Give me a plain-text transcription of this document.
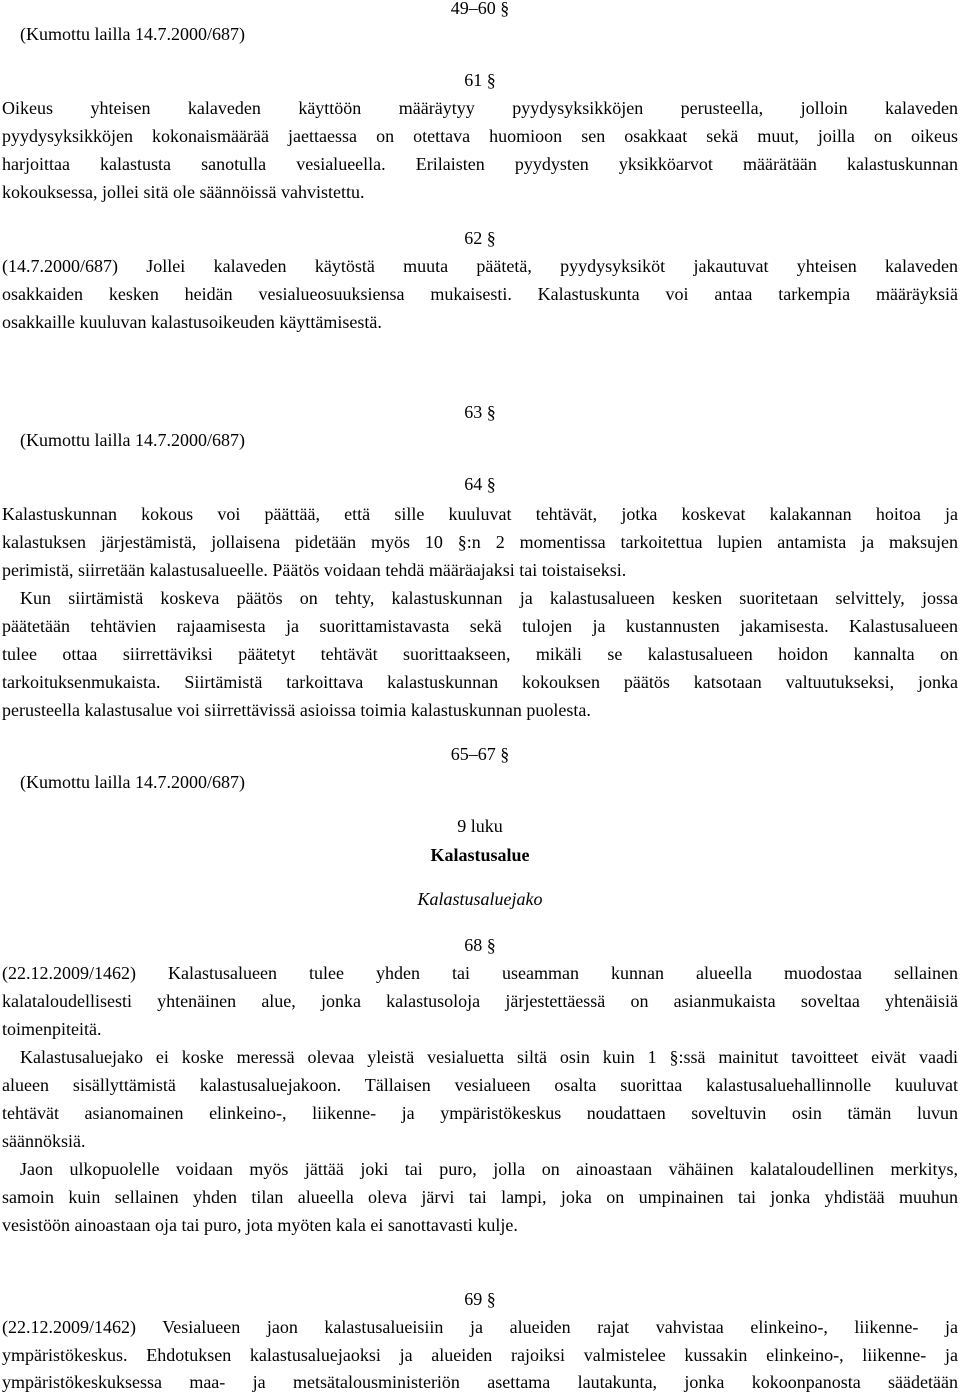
(Kumottu lailla 14.7.2000/687)
49–60 §
61 §
Oikeus yhteisen kalaveden käyttöön määräytyy pyydysyksikköjen perusteella, jolloin kalaveden
pyydysyksikköjen kokonaismäärää jaettaessa on otettava huomioon sen osakkaat sekä muut, joilla on oikeus
harjoittaa kalastusta sanotulla vesialueella. Erilaisten pyydysten yksikköarvot määrätään kalastuskunnan
kokouksessa, jollei sitä ole säännöissä vahvistettu.
62 §
(14.7.2000/687) Jollei kalaveden käytöstä muuta päätetä, pyydysyksiköt jakautuvat yhteisen kalaveden
osakkaiden kesken heidän vesialueosuuksiensa mukaisesti. Kalastuskunta voi antaa tarkempia määräyksiä
osakkaille kuuluvan kalastusoikeuden käyttämisestä.
63 §
(Kumottu lailla 14.7.2000/687)
64 §
Kalastuskunnan kokous voi päättää, että sille kuuluvat tehtävät, jotka koskevat kalakannan hoitoa ja
kalastuksen järjestämistä, jollaisena pidetään myös 10 §:n 2 momentissa tarkoitettua lupien antamista ja maksujen
perimistä, siirretään kalastusalueelle. Päätös voidaan tehdä määräajaksi tai toistaiseksi.
Kun siirtämistä koskeva päätös on tehty, kalastuskunnan ja kalastusalueen kesken suoritetaan selvittely, jossa
päätetään tehtävien rajaamisesta ja suorittamistavasta sekä tulojen ja kustannusten jakamisesta. Kalastusalueen
tulee ottaa siirrettäviksi päätetyt tehtävät suorittaakseen, mikäli se kalastusalueen hoidon kannalta on
tarkoituksenmukaista. Siirtämistä tarkoittava kalastuskunnan kokouksen päätös katsotaan valtuutukseksi, jonka
perusteella kalastusalue voi siirrettävissä asioissa toimia kalastuskunnan puolesta.
65–67 §
(Kumottu lailla 14.7.2000/687)
9 luku
Kalastusalue
Kalastusaluejako
68 §
(22.12.2009/1462) Kalastusalueen tulee yhden tai useamman kunnan alueella muodostaa sellainen
kalataloudellisesti yhtenäinen alue, jonka kalastusoloja järjestettäessä on asianmukaista soveltaa yhtenäisiä
toimenpiteitä.
Kalastusaluejako ei koske meressä olevaa yleistä vesialuetta siltä osin kuin 1 §:ssä mainitut tavoitteet eivät vaadi
alueen sisällyttämistä kalastusaluejakoon. Tällaisen vesialueen osalta suorittaa kalastusaluehallinnolle kuuluvat
tehtävät asianomainen elinkeino-, liikenne- ja ympäristökeskus noudattaen soveltuvin osin tämän luvun
säännöksiä.
Jaon ulkopuolelle voidaan myös jättää joki tai puro, jolla on ainoastaan vähäinen kalataloudellinen merkitys,
samoin kuin sellainen yhden tilan alueella oleva järvi tai lampi, joka on umpinainen tai jonka yhdistää muuhun
vesistöön ainoastaan oja tai puro, jota myöten kala ei sanottavasti kulje.
69 §
(22.12.2009/1462) Vesialueen jaon kalastusalueisiin ja alueiden rajat vahvistaa elinkeino-, liikenne- ja
ympäristökeskus. Ehdotuksen kalastusaluejaoksi ja alueiden rajoiksi valmistelee kussakin elinkeino-, liikenne- ja
ympäristökeskuksessa maa- ja metsätalousministeriön asettama lautakunta, jonka kokoonpanosta säädetään
